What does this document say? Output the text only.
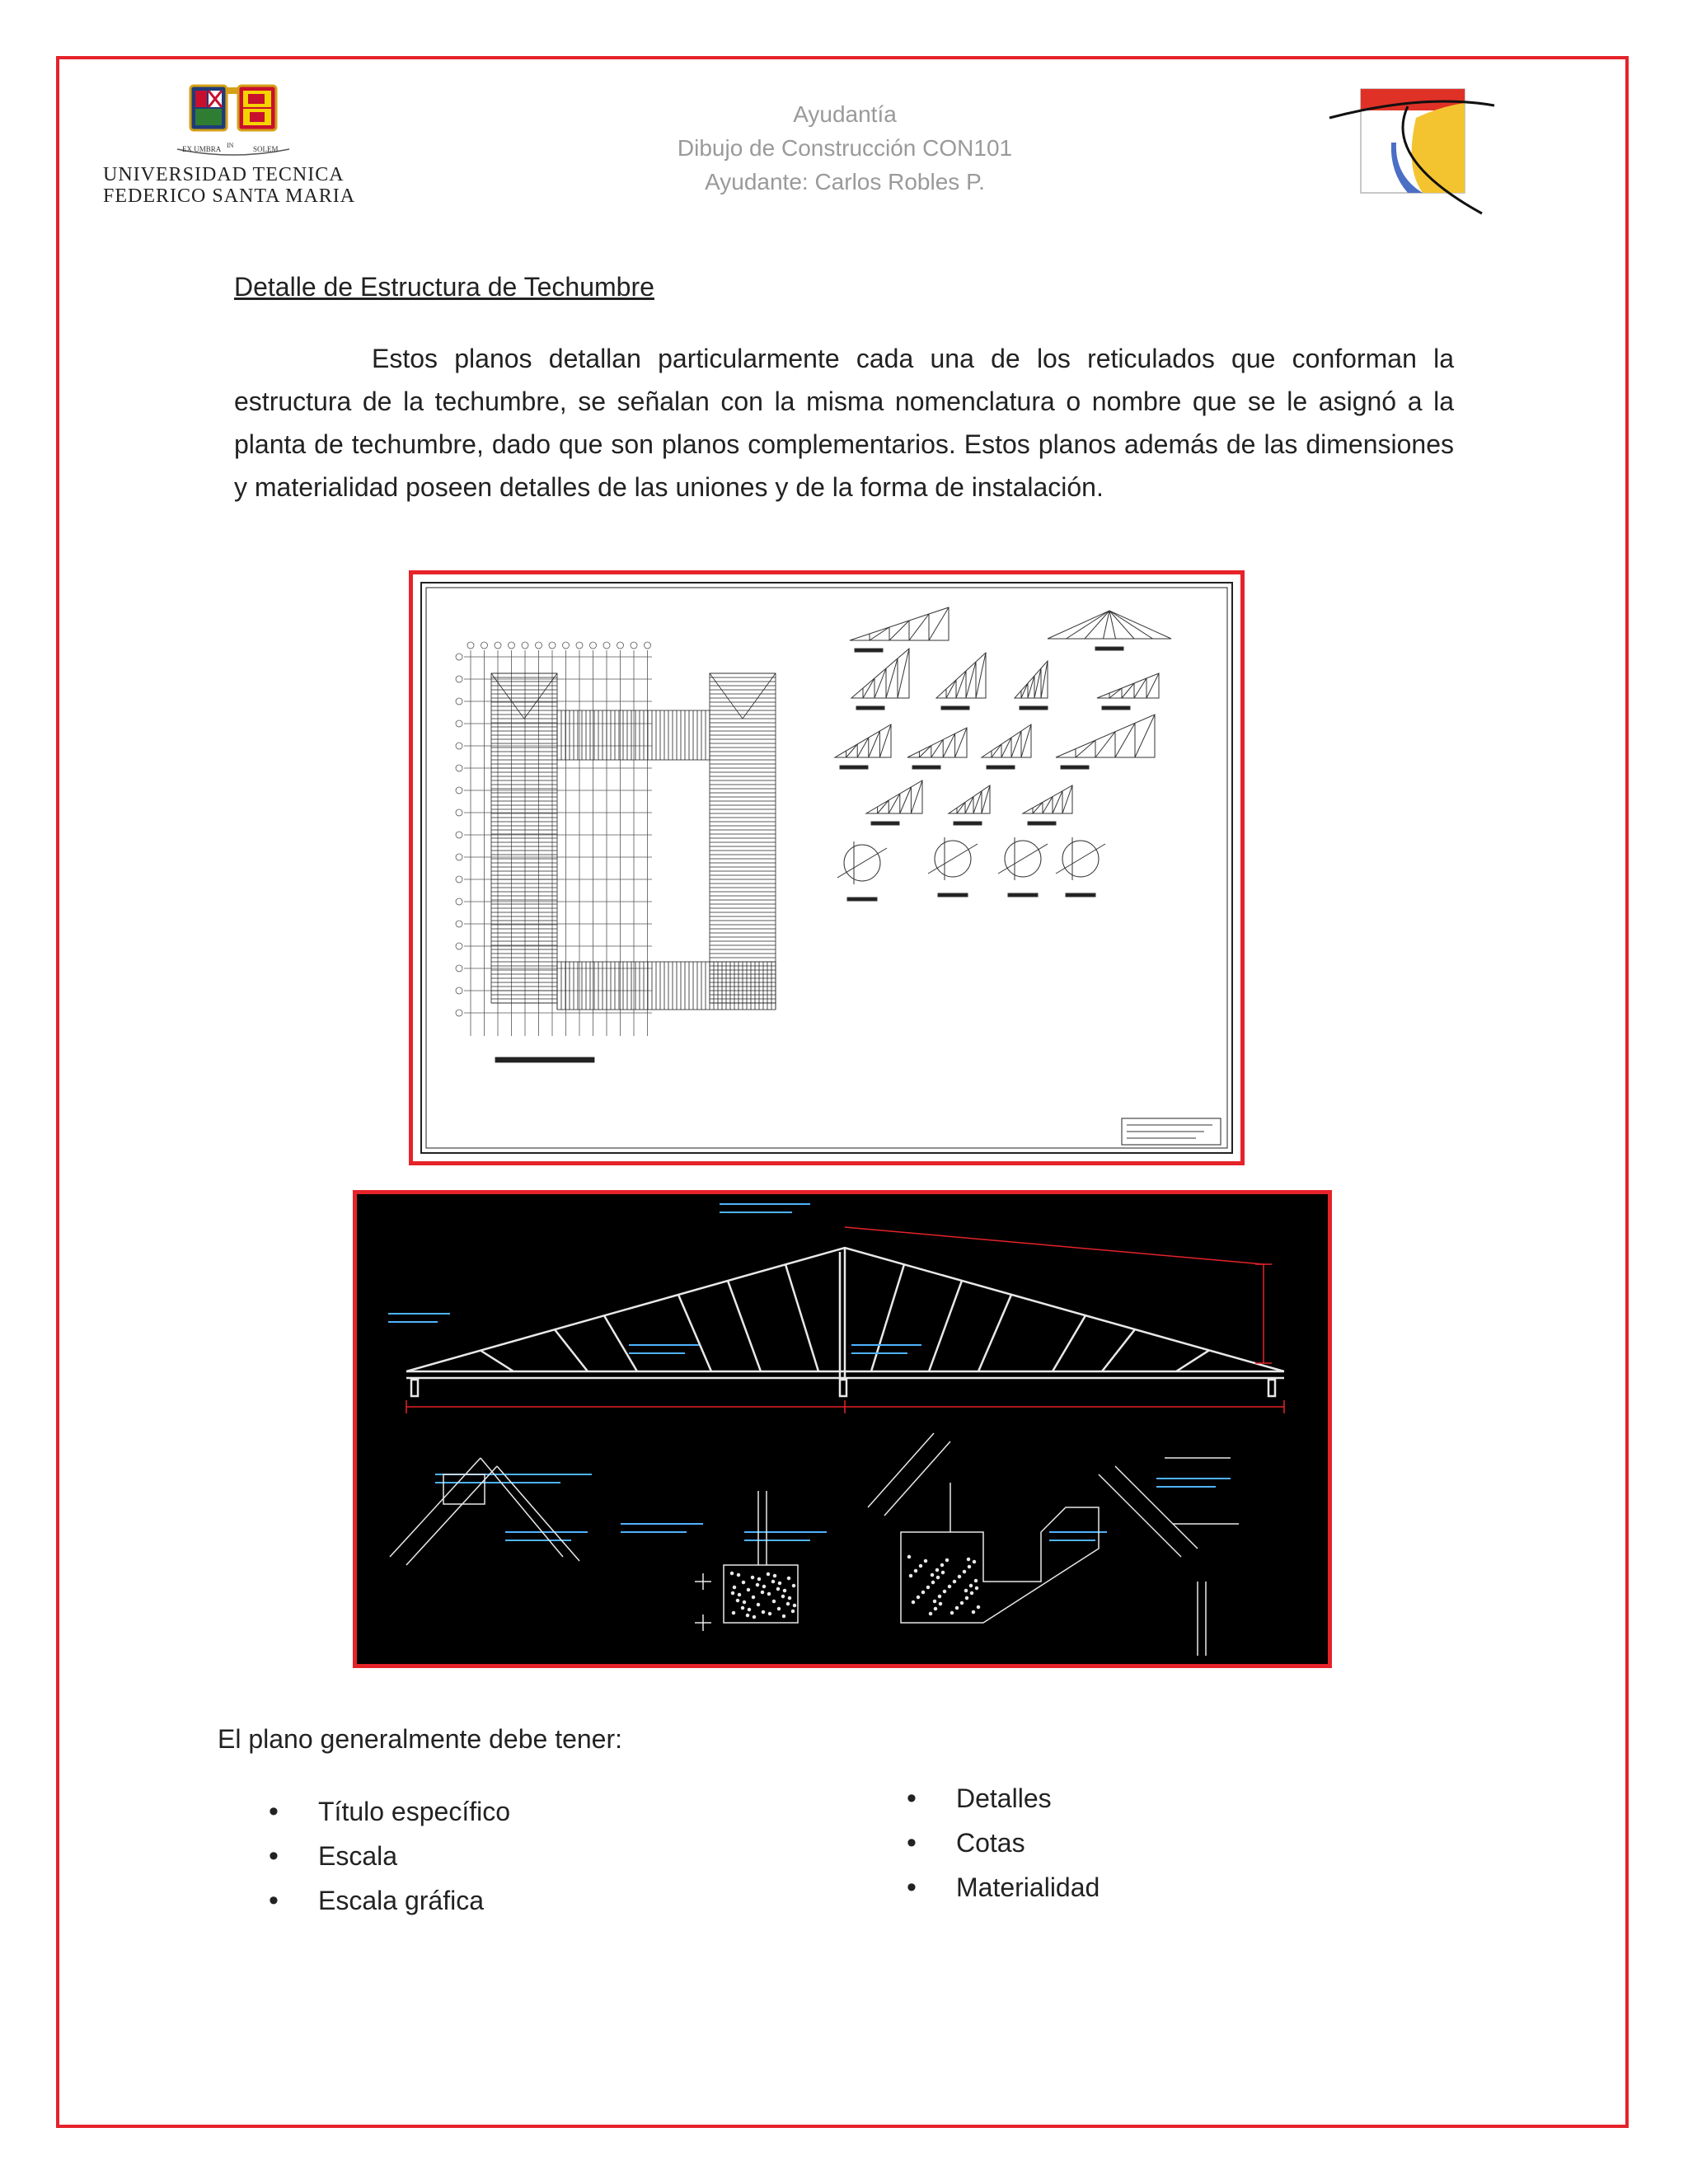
EX UMBRA IN	SOLEM
UNIVERSIDAD TECNICA
FEDERICO SANTA MARIA
Ayudantía
Dibujo de Construcción CON101
Ayudante: Carlos Robles P.
Detalle de Estructura de Techumbre
Estos planos detallan particularmente cada una de los reticulados que conforman la estructura de la techumbre, se señalan con la misma nomenclatura o nombre que se le asignó a la planta de techumbre, dado que son planos complementarios. Estos planos además de las dimensiones y materialidad poseen detalles de las uniones y de la forma de instalación.
El plano generalmente debe tener:
• Título específico
• Escala
• Escala gráfica
• Detalles
• Cotas
• Materialidad
